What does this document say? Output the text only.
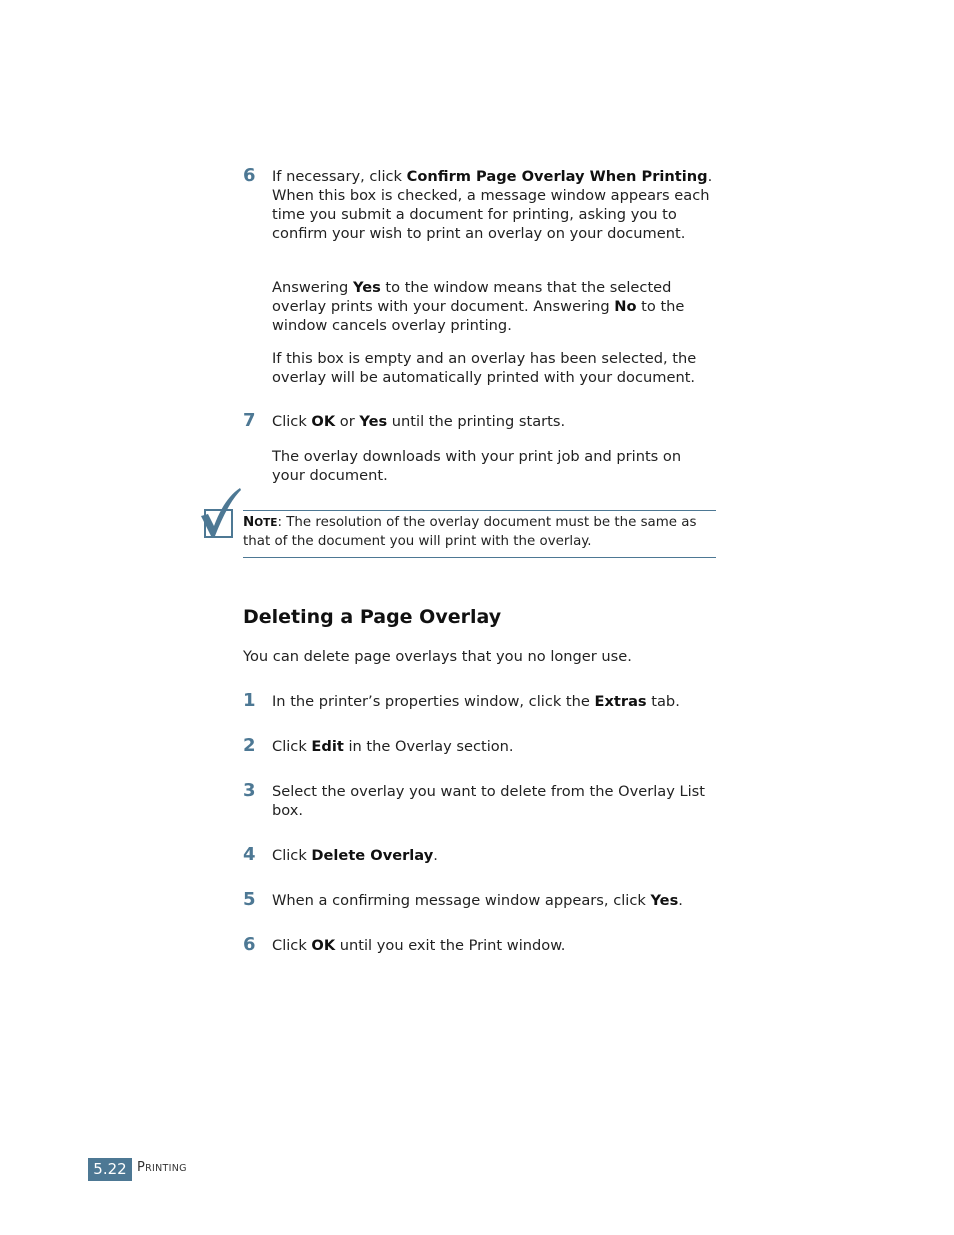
6	If necessary, click Confirm Page Overlay When Printing. When this box is checked, a message window appears each time you submit a document for printing, asking you to confirm your wish to print an overlay on your document.
Answering Yes to the window means that the selected overlay prints with your document. Answering No to the window cancels overlay printing.
If this box is empty and an overlay has been selected, the overlay will be automatically printed with your document.
7	Click OK or Yes until the printing starts.
The overlay downloads with your print job and prints on your document.
NOTE: The resolution of the overlay document must be the same as that of the document you will print with the overlay.
Deleting a Page Overlay
You can delete page overlays that you no longer use.
1	In the printer’s properties window, click the Extras tab.
2	Click Edit in the Overlay section.
3	Select the overlay you want to delete from the Overlay List box.
4	Click Delete Overlay.
5	When a confirming message window appears, click Yes.
6	Click OK until you exit the Print window.
5.22 PRINTING
